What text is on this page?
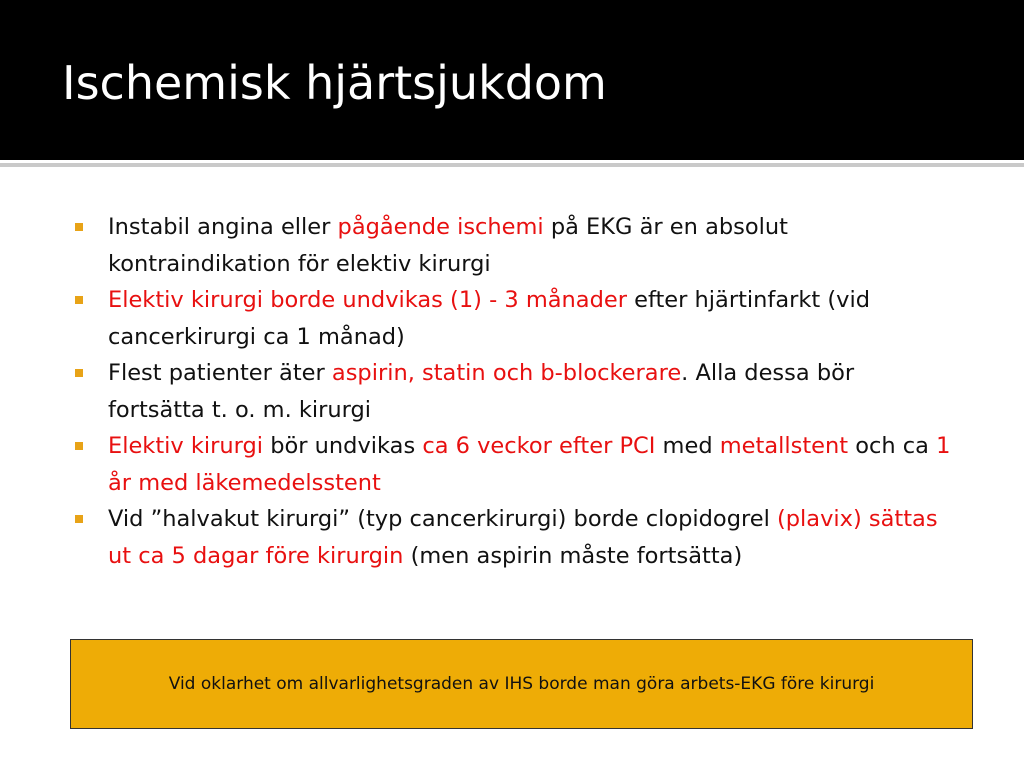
Ischemisk hjärtsjukdom
Instabil angina eller pågående ischemi på EKG är en absolut kontraindikation för elektiv kirurgi
Elektiv kirurgi borde undvikas (1) - 3 månader efter hjärtinfarkt (vid cancerkirurgi ca 1 månad)
Flest patienter äter aspirin, statin och b-blockerare. Alla dessa bör fortsätta t. o. m. kirurgi
Elektiv kirurgi bör undvikas ca 6 veckor efter PCI med metallstent och ca 1 år med läkemedelsstent
Vid ”halvakut kirurgi” (typ cancerkirurgi) borde clopidogrel (plavix) sättas ut ca 5 dagar före kirurgin (men aspirin måste fortsätta)
Vid oklarhet om allvarlighetsgraden av IHS borde man göra arbets-EKG före kirurgi
